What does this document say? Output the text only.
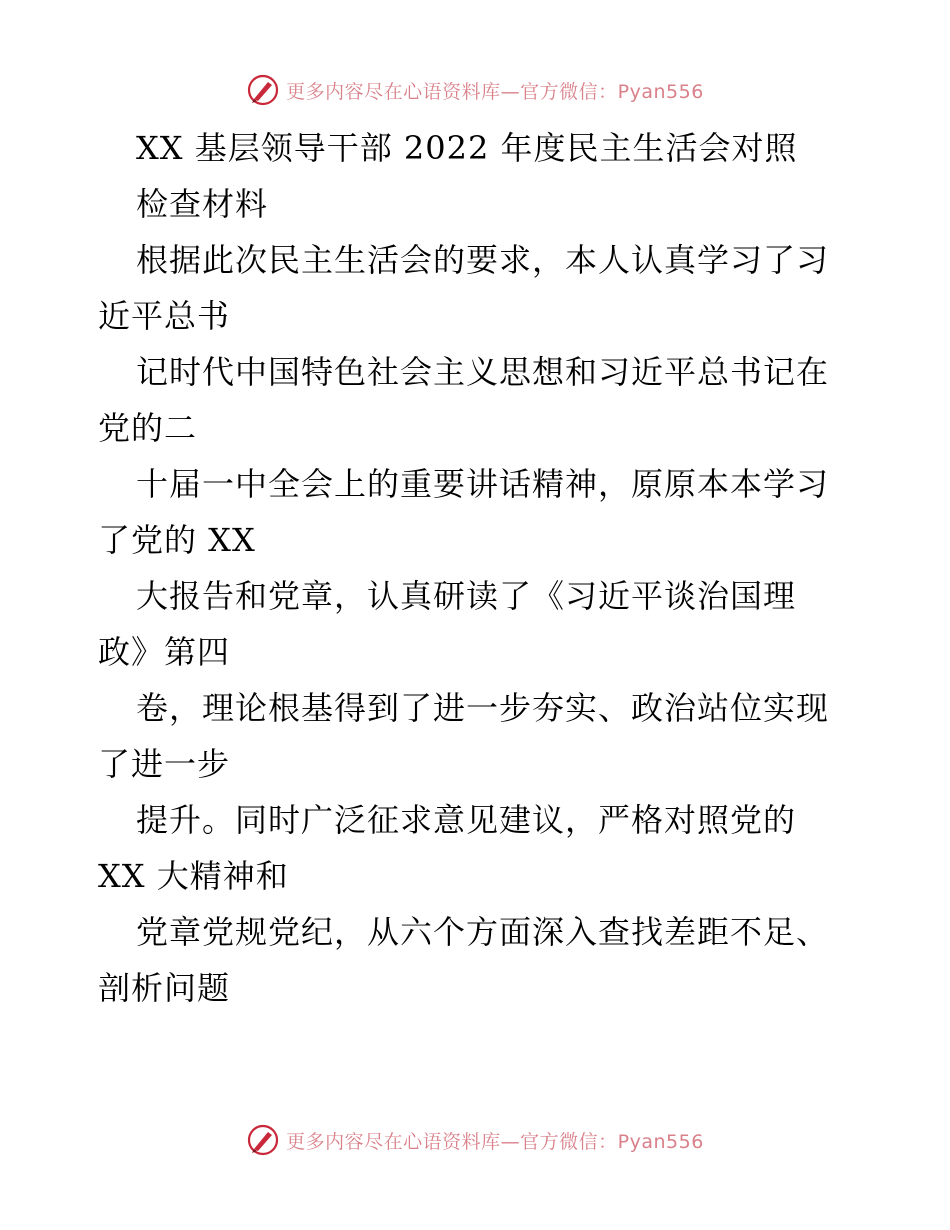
更多内容尽在心语资料库—官方微信：Pyan556
XX 基层领导干部 2022 年度民主生活会对照
检查材料
根据此次民主生活会的要求，本人认真学习了习
近平总书
记时代中国特色社会主义思想和习近平总书记在
党的二
十届一中全会上的重要讲话精神，原原本本学习
了党的 XX
大报告和党章，认真研读了《习近平谈治国理
政》第四
卷，理论根基得到了进一步夯实、政治站位实现
了进一步
提升。同时广泛征求意见建议，严格对照党的
XX 大精神和
党章党规党纪，从六个方面深入查找差距不足、
剖析问题
更多内容尽在心语资料库—官方微信：Pyan556
